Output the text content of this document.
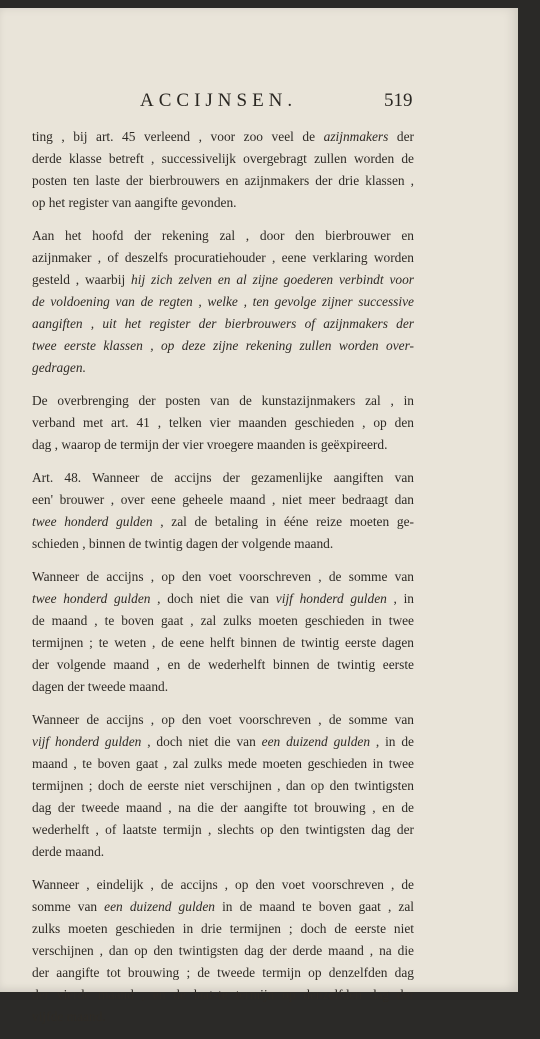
ACCIJNSEN.	519

ting , bij art. 45 verleend , voor zoo veel de azijnmakers der
derde klasse betreft , successivelijk overgebragt zullen worden de
posten ten laste der bierbrouwers en azijnmakers der drie klassen ,
op het register van aangifte gevonden.

Aan het hoofd der rekening zal , door den bierbrouwer en
azijnmaker , of deszelfs procuratiehouder , eene verklaring worden
gesteld , waarbij hij zich zelven en al zijne goederen verbindt voor
de voldoening van de regten , welke , ten gevolge zijner successive
aangiften , uit het register der bierbrouwers of azijnmakers der
twee eerste klassen , op deze zijne rekening zullen worden over-
gedragen.

De overbrenging der posten van de kunstazijnmakers zal , in
verband met art. 41 , telken vier maanden geschieden , op den
dag , waarop de termijn der vier vroegere maanden is geëxpireerd.

Art. 48. Wanneer de accijns der gezamenlijke aangiften van
een' brouwer , over eene geheele maand , niet meer bedraagt dan
twee honderd gulden , zal de betaling in éénе reize moeten ge-
schieden , binnen de twintig dagen der volgende maand.

Wanneer de accijns , op den voet voorschreven , de somme van
twee honderd gulden , doch niet die van vijf honderd gulden , in
de maand , te boven gaat , zal zulks moeten geschieden in twee
termijnen ; te weten , de eene helft binnen de twintig eerste dagen
der volgende maand , en de wederhelft binnen de twintig eerste
dagen der tweede maand.

Wanneer de accijns , op den voet voorschreven , de somme van
vijf honderd gulden , doch niet die van een duizend gulden , in de
maand , te boven gaat , zal zulks mede moeten geschieden in twee
termijnen ; doch de eerste niet verschijnen , dan op den twintigsten
dag der tweede maand , na die der aangifte tot brouwing , en de
wederhelft , of laatste termijn , slechts op den twintigsten dag der
derde maand.

Wanneer , eindelijk , de accijns , op den voet voorschreven , de
somme van een duizend gulden in de maand te boven gaat , zal
zulks moeten geschieden in drie termijnen ; doch de eerste niet
verschijnen , dan op den twintigsten dag der derde maand , na die
der aangifte tot brouwing ; de tweede termijn op denzelfden dag
der vierde maand , en de laatste termijn op denzelfden dag der
vijfde maand.
